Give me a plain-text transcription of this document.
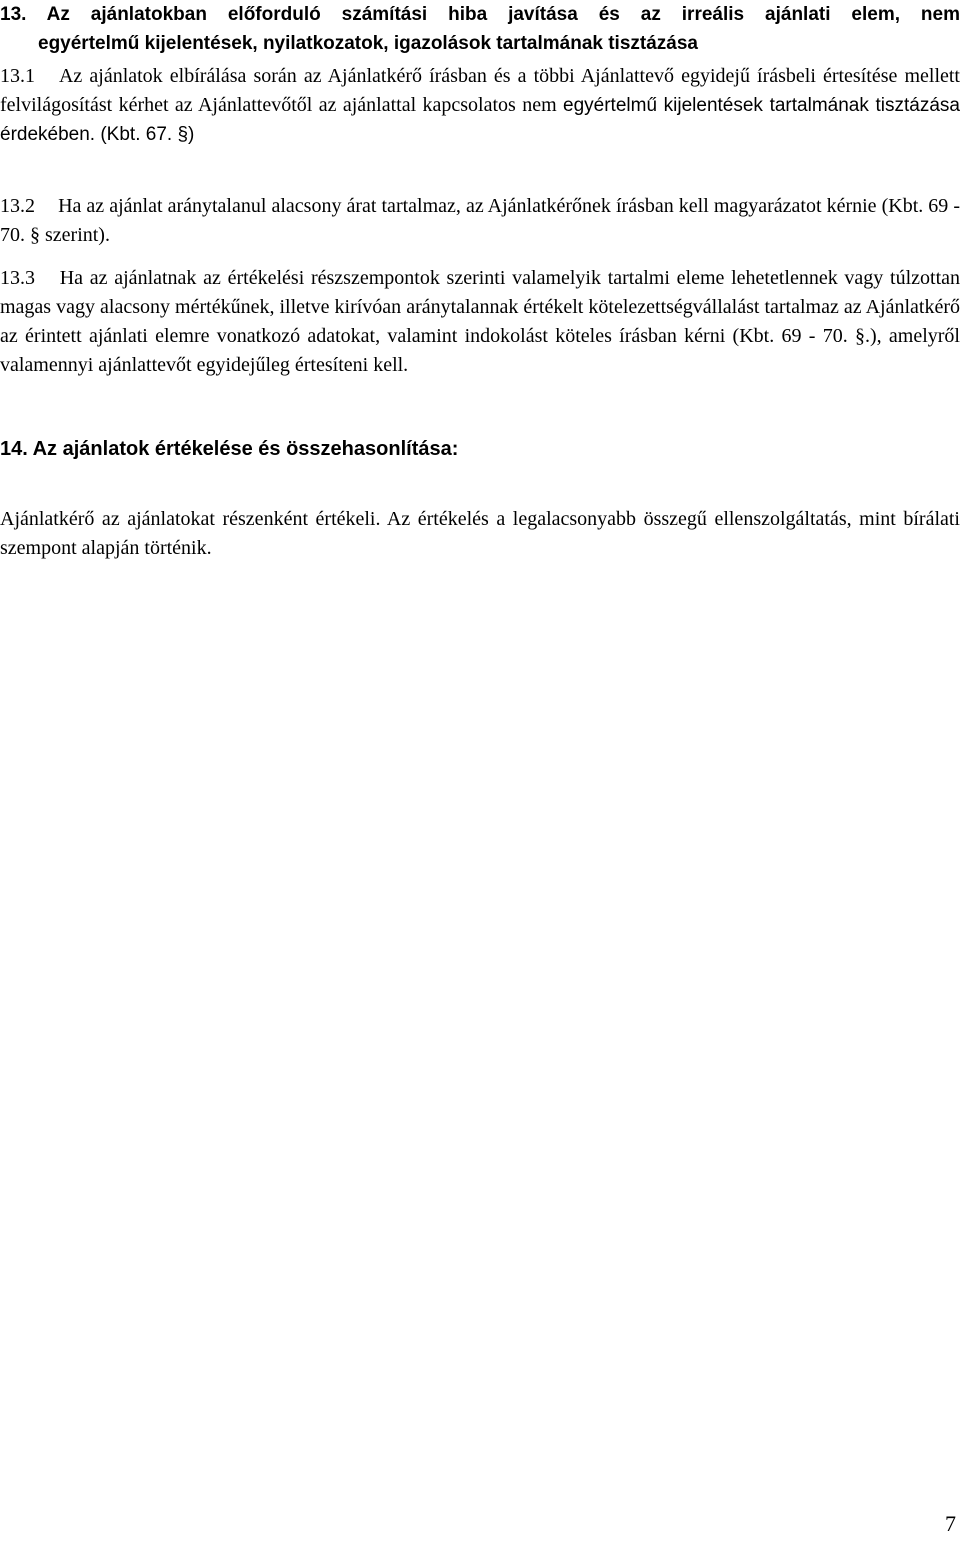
13. Az ajánlatokban előforduló számítási hiba javítása és az irreális ajánlati elem, nem
egyértelmű kijelentések, nyilatkozatok, igazolások tartalmának tisztázása

13.1 Az ajánlatok elbírálása során az Ajánlatkérő írásban és a többi Ajánlattevő egyidejű írásbeli értesítése mellett felvilágosítást kérhet az Ajánlattevőtől az ajánlattal kapcsolatos nem egyértelmű kijelentések tartalmának tisztázása érdekében. (Kbt. 67. §)

13.2 Ha az ajánlat aránytalanul alacsony árat tartalmaz, az Ajánlatkérőnek írásban kell magyarázatot kérnie (Kbt. 69 - 70. § szerint).

13.3 Ha az ajánlatnak az értékelési részszempontok szerinti valamelyik tartalmi eleme lehetetlennek vagy túlzottan magas vagy alacsony mértékűnek, illetve kirívóan aránytalannak értékelt kötelezettségvállalást tartalmaz az Ajánlatkérő az érintett ajánlati elemre vonatkozó adatokat, valamint indokolást köteles írásban kérni (Kbt. 69 - 70. §.), amelyről valamennyi ajánlattevőt egyidejűleg értesíteni kell.

14. Az ajánlatok értékelése és összehasonlítása:

Ajánlatkérő az ajánlatokat részenként értékeli. Az értékelés a legalacsonyabb összegű ellenszolgáltatás, mint bírálati szempont alapján történik.

7
